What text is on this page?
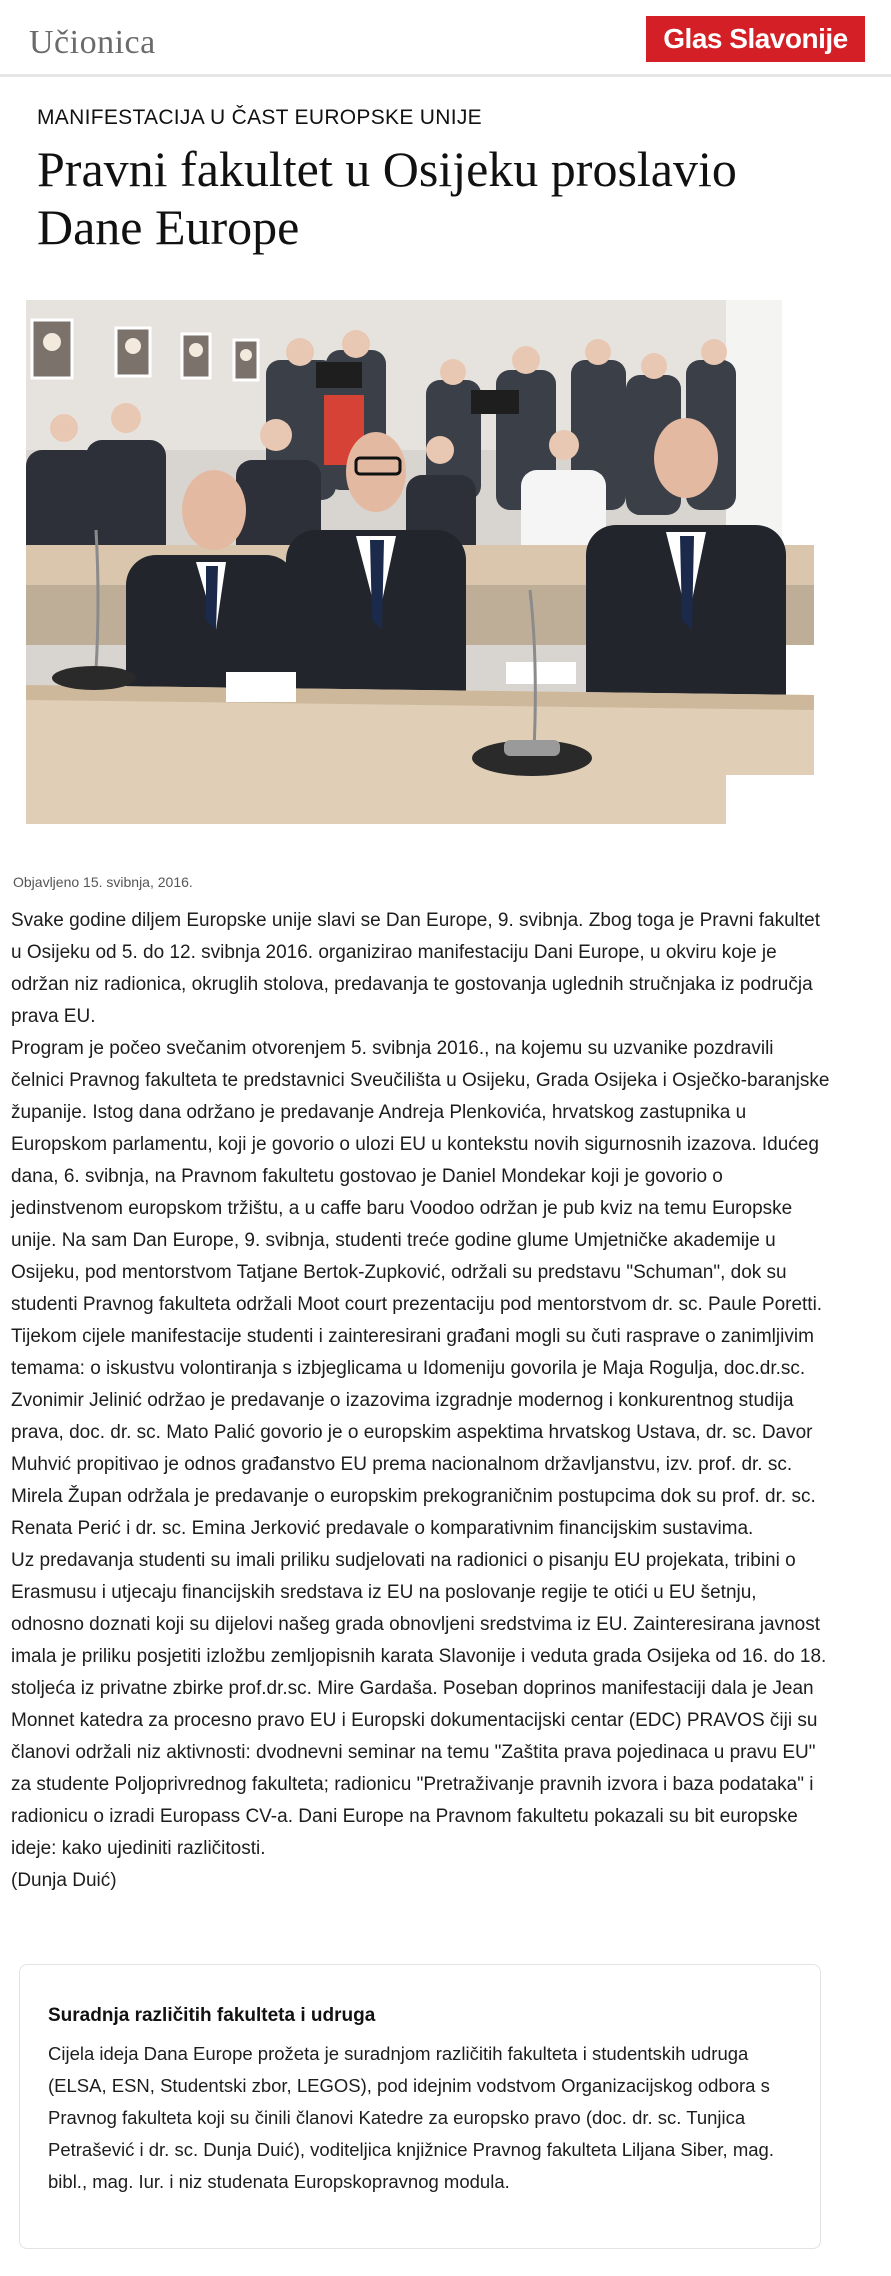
Učionica	Glas Slavonije
MANIFESTACIJA U ČAST EUROPSKE UNIJE
Pravni fakultet u Osijeku proslavio Dane Europe
Objavljeno 15. svibnja, 2016.

Svake godine diljem Europske unije slavi se Dan Europe, 9. svibnja. Zbog toga je Pravni fakultet u Osijeku od 5. do 12. svibnja 2016. organizirao manifestaciju Dani Europe, u okviru koje je održan niz radionica, okruglih stolova, predavanja te gostovanja uglednih stručnjaka iz područja prava EU.

Program je počeo svečanim otvorenjem 5. svibnja 2016., na kojemu su uzvanike pozdravili čelnici Pravnog fakulteta te predstavnici Sveučilišta u Osijeku, Grada Osijeka i Osječko-baranjske županije. Istog dana održano je predavanje Andreja Plenkovića, hrvatskog zastupnika u Europskom parlamentu, koji je govorio o ulozi EU u kontekstu novih sigurnosnih izazova. Idućeg dana, 6. svibnja, na Pravnom fakultetu gostovao je Daniel Mondekar koji je govorio o jedinstvenom europskom tržištu, a u caffe baru Voodoo održan je pub kviz na temu Europske unije. Na sam Dan Europe, 9. svibnja, studenti treće godine glume Umjetničke akademije u Osijeku, pod mentorstvom Tatjane Bertok-Zupković, održali su predstavu "Schuman", dok su studenti Pravnog fakulteta održali Moot court prezentaciju pod mentorstvom dr. sc. Paule Poretti.

Tijekom cijele manifestacije studenti i zainteresirani građani mogli su čuti rasprave o zanimljivim temama: o iskustvu volontiranja s izbjeglicama u Idomeniju govorila je Maja Rogulja, doc.dr.sc. Zvonimir Jelinić održao je predavanje o izazovima izgradnje modernog i konkurentnog studija prava, doc. dr. sc. Mato Palić govorio je o europskim aspektima hrvatskog Ustava, dr. sc. Davor Muhvić propitivao je odnos građanstvo EU prema nacionalnom državljanstvu, izv. prof. dr. sc. Mirela Župan održala je predavanje o europskim prekograničnim postupcima dok su prof. dr. sc. Renata Perić i dr. sc. Emina Jerković predavale o komparativnim financijskim sustavima.

Uz predavanja studenti su imali priliku sudjelovati na radionici o pisanju EU projekata, tribini o Erasmusu i utjecaju financijskih sredstava iz EU na poslovanje regije te otići u EU šetnju, odnosno doznati koji su dijelovi našeg grada obnovljeni sredstvima iz EU. Zainteresirana javnost imala je priliku posjetiti izložbu zemljopisnih karata Slavonije i veduta grada Osijeka od 16. do 18. stoljeća iz privatne zbirke prof.dr.sc. Mire Gardaša. Poseban doprinos manifestaciji dala je Jean Monnet katedra za procesno pravo EU i Europski dokumentacijski centar (EDC) PRAVOS čiji su članovi održali niz aktivnosti: dvodnevni seminar na temu "Zaštita prava pojedinaca u pravu EU" za studente Poljoprivrednog fakulteta; radionicu "Pretraživanje pravnih izvora i baza podataka" i radionicu o izradi Europass CV-a. Dani Europe na Pravnom fakultetu pokazali su bit europske ideje: kako ujediniti različitosti.

(Dunja Duić)

Suradnja različitih fakulteta i udruga

Cijela ideja Dana Europe prožeta je suradnjom različitih fakulteta i studentskih udruga (ELSA, ESN, Studentski zbor, LEGOS), pod idejnim vodstvom Organizacijskog odbora s Pravnog fakulteta koji su činili članovi Katedre za europsko pravo (doc. dr. sc. Tunjica Petrašević i dr. sc. Dunja Duić), voditeljica knjižnice Pravnog fakulteta Liljana Siber, mag. bibl., mag. Iur. i niz studenata Europskopravnog modula.
